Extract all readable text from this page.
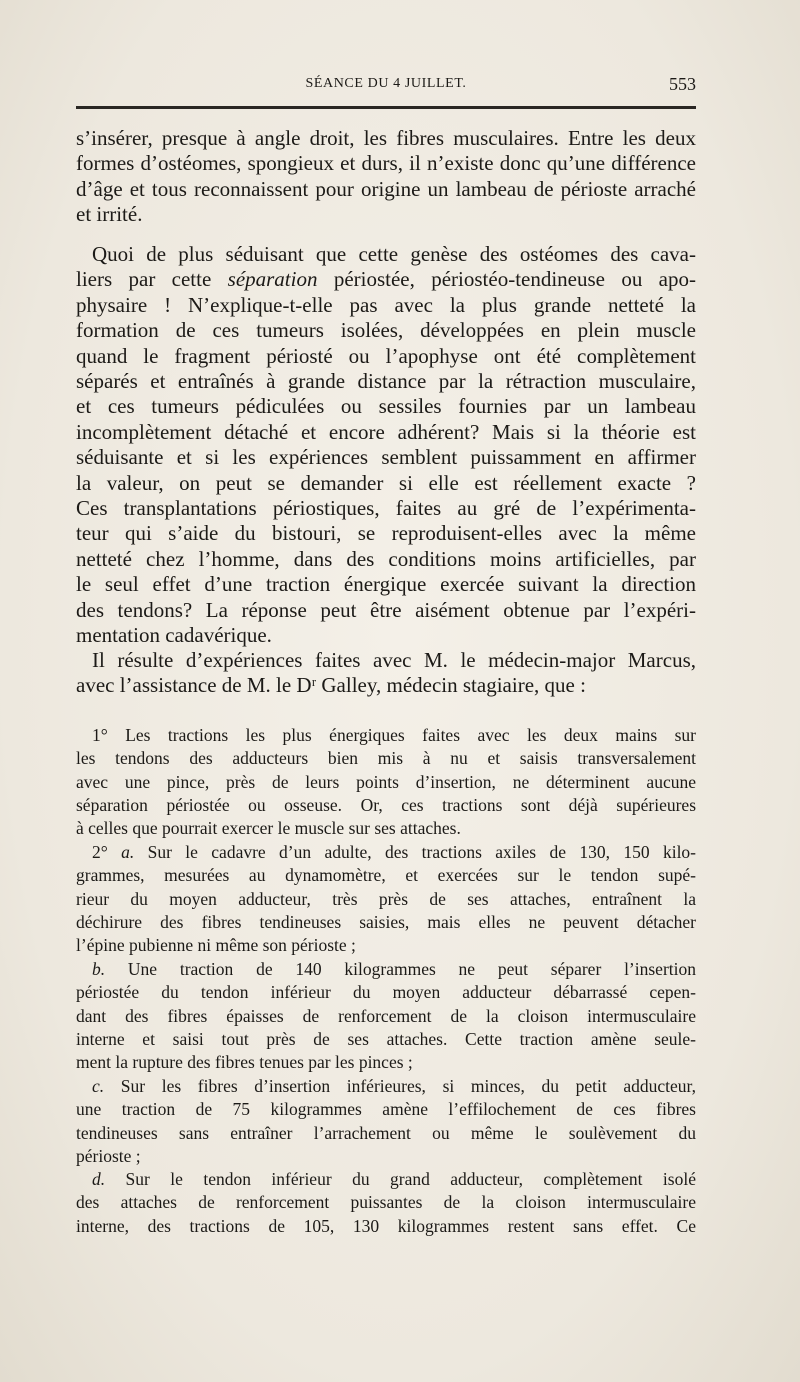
SÉANCE DU 4 JUILLET.	553

s’insérer, presque à angle droit, les fibres musculaires. Entre les deux

formes d’ostéomes, spongieux et durs, il n’existe donc qu’une différence

d’âge et tous reconnaissent pour origine un lambeau de périoste arraché

et irrité.

Quoi de plus séduisant que cette genèse des ostéomes des cava-

liers par cette séparation périostée, périostéo-tendineuse ou apo-

physaire ! N’explique-t-elle pas avec la plus grande netteté la

formation de ces tumeurs isolées, développées en plein muscle

quand le fragment périosté ou l’apophyse ont été complètement

séparés et entraînés à grande distance par la rétraction musculaire,

et ces tumeurs pédiculées ou sessiles fournies par un lambeau

incomplètement détaché et encore adhérent? Mais si la théorie est

séduisante et si les expériences semblent puissamment en affirmer

la valeur, on peut se demander si elle est réellement exacte ?

Ces transplantations périostiques, faites au gré de l’expérimenta-

teur qui s’aide du bistouri, se reproduisent-elles avec la même

netteté chez l’homme, dans des conditions moins artificielles, par

le seul effet d’une traction énergique exercée suivant la direction

des tendons? La réponse peut être aisément obtenue par l’expéri-

mentation cadavérique.

Il résulte d’expériences faites avec M. le médecin-major Marcus,

avec l’assistance de M. le Dʳ Galley, médecin stagiaire, que :

1° Les tractions les plus énergiques faites avec les deux mains sur

les tendons des adducteurs bien mis à nu et saisis transversalement

avec une pince, près de leurs points d’insertion, ne déterminent aucune

séparation périostée ou osseuse. Or, ces tractions sont déjà supérieures

à celles que pourrait exercer le muscle sur ses attaches.

2° a. Sur le cadavre d’un adulte, des tractions axiles de 130, 150 kilo-

grammes, mesurées au dynamomètre, et exercées sur le tendon supé-

rieur du moyen adducteur, très près de ses attaches, entraînent la

déchirure des fibres tendineuses saisies, mais elles ne peuvent détacher

l’épine pubienne ni même son périoste ;

b. Une traction de 140 kilogrammes ne peut séparer l’insertion

périostée du tendon inférieur du moyen adducteur débarrassé cepen-

dant des fibres épaisses de renforcement de la cloison intermusculaire

interne et saisi tout près de ses attaches. Cette traction amène seule-

ment la rupture des fibres tenues par les pinces ;

c. Sur les fibres d’insertion inférieures, si minces, du petit adducteur,

une traction de 75 kilogrammes amène l’effilochement de ces fibres

tendineuses sans entraîner l’arrachement ou même le soulèvement du

périoste ;

d. Sur le tendon inférieur du grand adducteur, complètement isolé

des attaches de renforcement puissantes de la cloison intermusculaire

interne, des tractions de 105, 130 kilogrammes restent sans effet. Ce
